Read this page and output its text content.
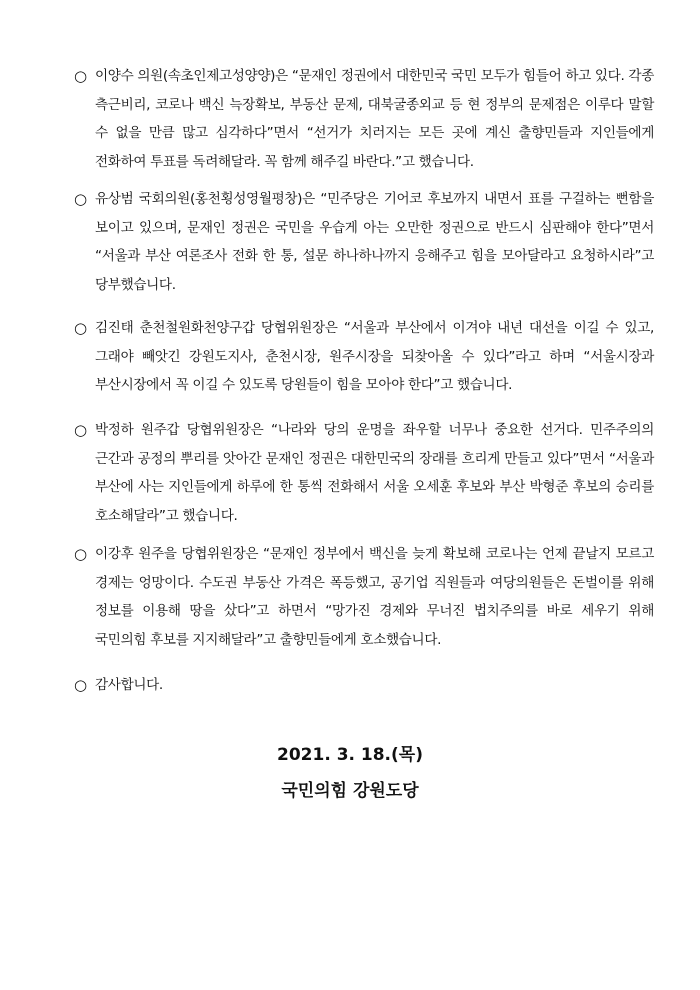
○ 이양수 의원(속초인제고성양양)은 “문재인 정권에서 대한민국 국민 모두가 힘들어 하고 있다. 각종 측근비리, 코로나 백신 늑장확보, 부동산 문제, 대북굴종외교 등 현 정부의 문제점은 이루다 말할 수 없을 만큼 많고 심각하다”면서 “선거가 치러지는 모든 곳에 계신 출향민들과 지인들에게 전화하여 투표를 독려해달라. 꼭 함께 해주길 바란다.”고 했습니다.
○ 유상범 국회의원(홍천횡성영월평창)은 “민주당은 기어코 후보까지 내면서 표를 구걸하는 뻔함을 보이고 있으며, 문재인 정권은 국민을 우습게 아는 오만한 정권으로 반드시 심판해야 한다”면서 “서울과 부산 여론조사 전화 한 통, 설문 하나하나까지 응해주고 힘을 모아달라고 요청하시라”고 당부했습니다.
○ 김진태 춘천철원화천양구갑 당협위원장은 “서울과 부산에서 이겨야 내년 대선을 이길 수 있고, 그래야 빼앗긴 강원도지사, 춘천시장, 원주시장을 되찾아올 수 있다”라고 하며 “서울시장과 부산시장에서 꼭 이길 수 있도록 당원들이 힘을 모아야 한다”고 했습니다.
○ 박정하 원주갑 당협위원장은 “나라와 당의 운명을 좌우할 너무나 중요한 선거다. 민주주의의 근간과 공정의 뿌리를 앗아간 문재인 정권은 대한민국의 장래를 흐리게 만들고 있다”면서 “서울과 부산에 사는 지인들에게 하루에 한 통씩 전화해서 서울 오세훈 후보와 부산 박형준 후보의 승리를 호소해달라”고 했습니다.
○ 이강후 원주을 당협위원장은 “문재인 정부에서 백신을 늦게 확보해 코로나는 언제 끝날지 모르고 경제는 엉망이다. 수도권 부동산 가격은 폭등했고, 공기업 직원들과 여당의원들은 돈벌이를 위해 정보를 이용해 땅을 샀다”고 하면서 “망가진 경제와 무너진 법치주의를 바로 세우기 위해 국민의힘 후보를 지지해달라”고 출향민들에게 호소했습니다.
○ 감사합니다.
2021. 3. 18.(목)
국민의힘 강원도당
